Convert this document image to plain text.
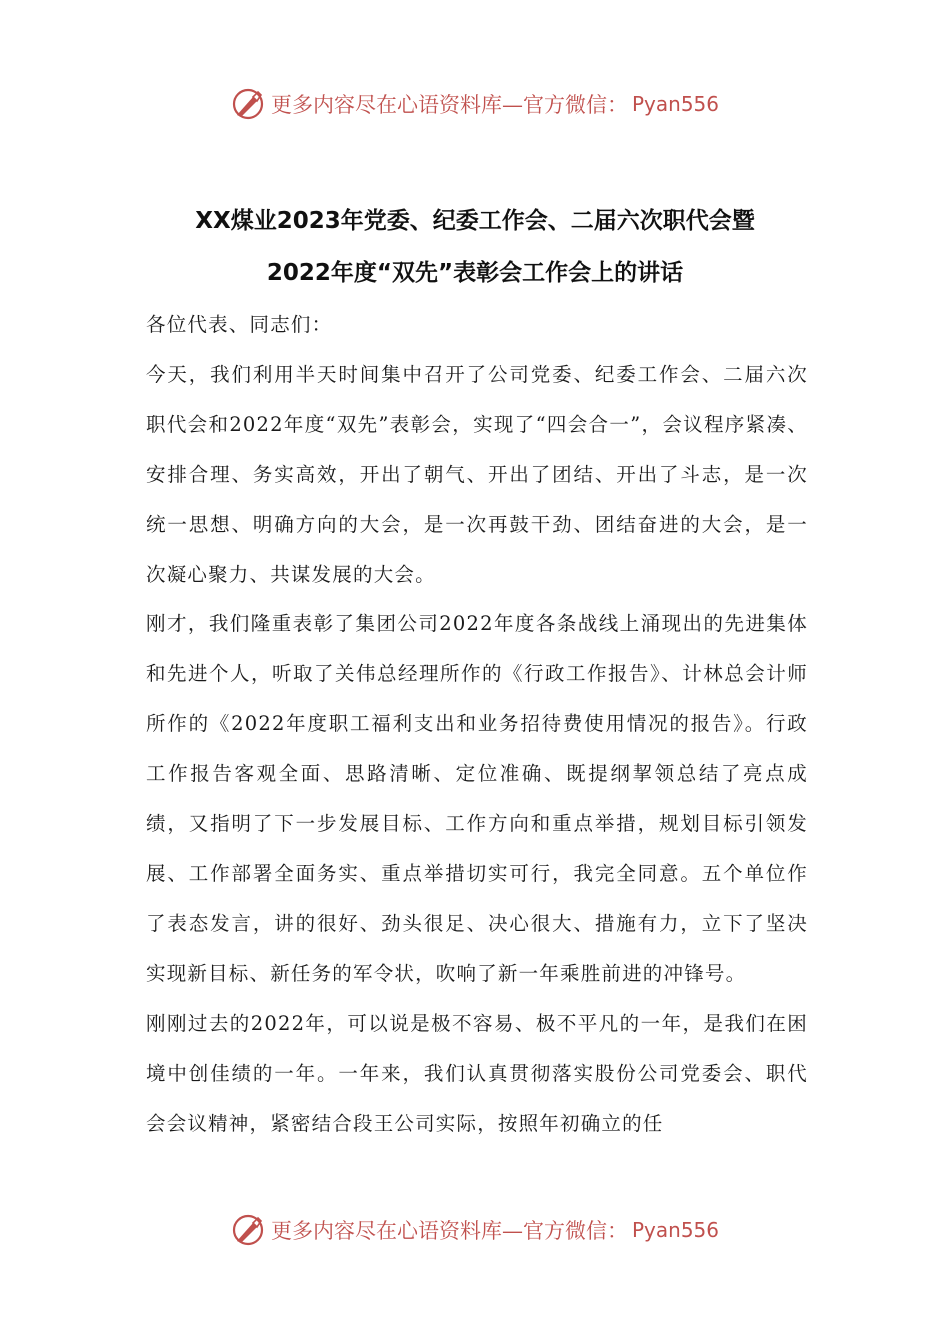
更多内容尽在心语资料库—官方微信： Pyan556
XX煤业2023年党委、纪委工作会、二届六次职代会暨
2022年度“双先”表彰会工作会上的讲话

各位代表、同志们：

今天，我们利用半天时间集中召开了公司党委、纪委工作会、二届六次职代会和2022年度“双先”表彰会，实现了“四会合一”，会议程序紧凑、安排合理、务实高效，开出了朝气、开出了团结、开出了斗志，是一次统一思想、明确方向的大会，是一次再鼓干劲、团结奋进的大会，是一次凝心聚力、共谋发展的大会。

刚才，我们隆重表彰了集团公司2022年度各条战线上涌现出的先进集体和先进个人，听取了关伟总经理所作的《行政工作报告》、计林总会计师所作的《2022年度职工福利支出和业务招待费使用情况的报告》。行政工作报告客观全面、思路清晰、定位准确、既提纲挈领总结了亮点成绩，又指明了下一步发展目标、工作方向和重点举措，规划目标引领发展、工作部署全面务实、重点举措切实可行，我完全同意。五个单位作了表态发言，讲的很好、劲头很足、决心很大、措施有力，立下了坚决实现新目标、新任务的军令状，吹响了新一年乘胜前进的冲锋号。

刚刚过去的2022年，可以说是极不容易、极不平凡的一年，是我们在困境中创佳绩的一年。一年来，我们认真贯彻落实股份公司党委会、职代会会议精神，紧密结合段王公司实际，按照年初确立的任

更多内容尽在心语资料库—官方微信： Pyan556
